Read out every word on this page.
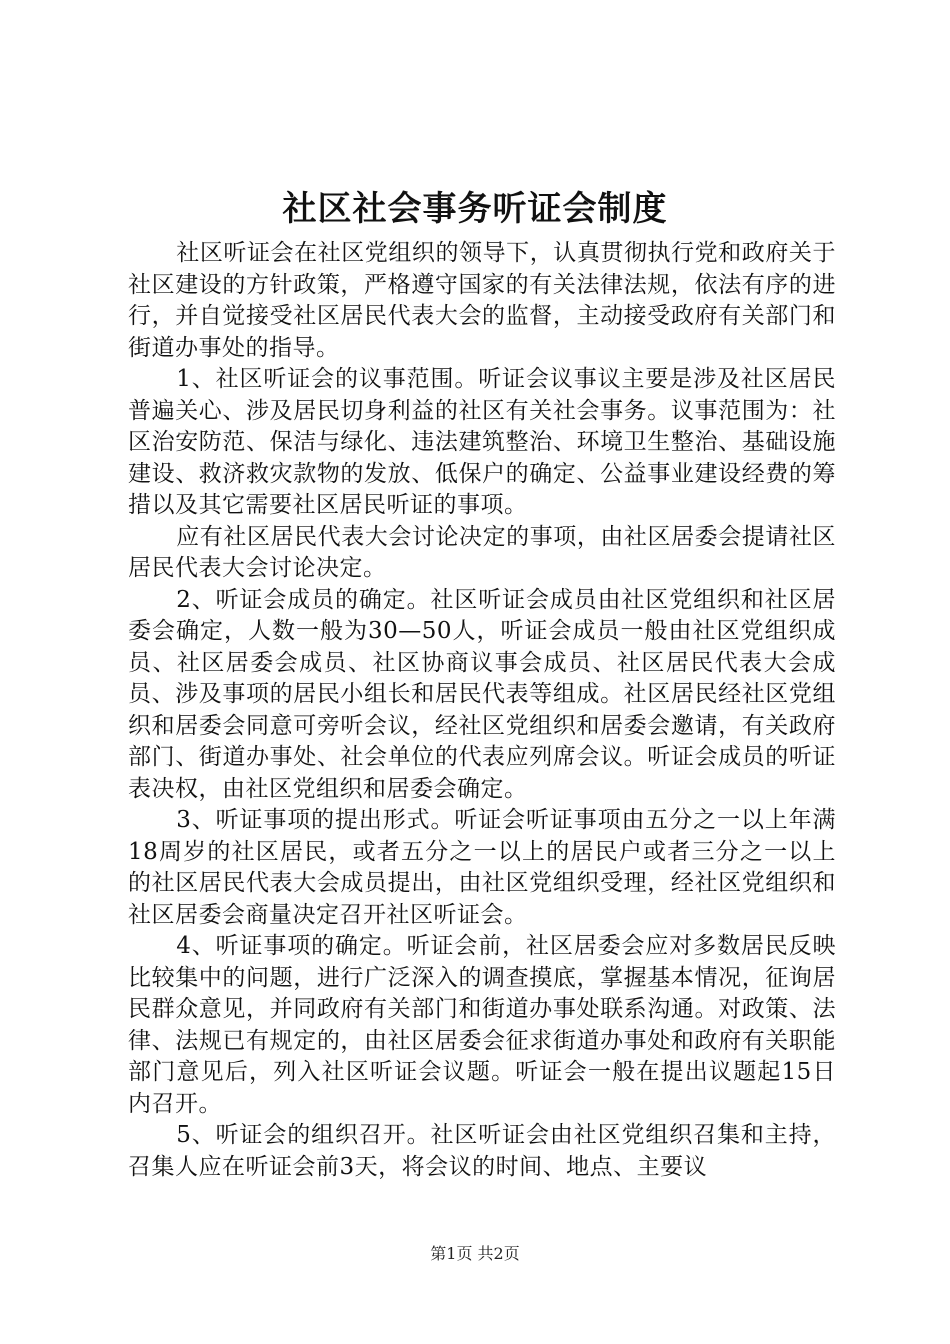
社区社会事务听证会制度

社区听证会在社区党组织的领导下，认真贯彻执行党和政府关于社区建设的方针政策，严格遵守国家的有关法律法规，依法有序的进行，并自觉接受社区居民代表大会的监督，主动接受政府有关部门和街道办事处的指导。

1、社区听证会的议事范围。听证会议事议主要是涉及社区居民普遍关心、涉及居民切身利益的社区有关社会事务。议事范围为：社区治安防范、保洁与绿化、违法建筑整治、环境卫生整治、基础设施建设、救济救灾款物的发放、低保户的确定、公益事业建设经费的筹措以及其它需要社区居民听证的事项。

应有社区居民代表大会讨论决定的事项，由社区居委会提请社区居民代表大会讨论决定。

2、听证会成员的确定。社区听证会成员由社区党组织和社区居委会确定，人数一般为30—50人，听证会成员一般由社区党组织成员、社区居委会成员、社区协商议事会成员、社区居民代表大会成员、涉及事项的居民小组长和居民代表等组成。社区居民经社区党组织和居委会同意可旁听会议，经社区党组织和居委会邀请，有关政府部门、街道办事处、社会单位的代表应列席会议。听证会成员的听证表决权，由社区党组织和居委会确定。

3、听证事项的提出形式。听证会听证事项由五分之一以上年满18周岁的社区居民，或者五分之一以上的居民户或者三分之一以上的社区居民代表大会成员提出，由社区党组织受理，经社区党组织和社区居委会商量决定召开社区听证会。

4、听证事项的确定。听证会前，社区居委会应对多数居民反映比较集中的问题，进行广泛深入的调查摸底，掌握基本情况，征询居民群众意见，并同政府有关部门和街道办事处联系沟通。对政策、法律、法规已有规定的，由社区居委会征求街道办事处和政府有关职能部门意见后，列入社区听证会议题。听证会一般在提出议题起15日内召开。

5、听证会的组织召开。社区听证会由社区党组织召集和主持，召集人应在听证会前3天，将会议的时间、地点、主要议

第1页 共2页
